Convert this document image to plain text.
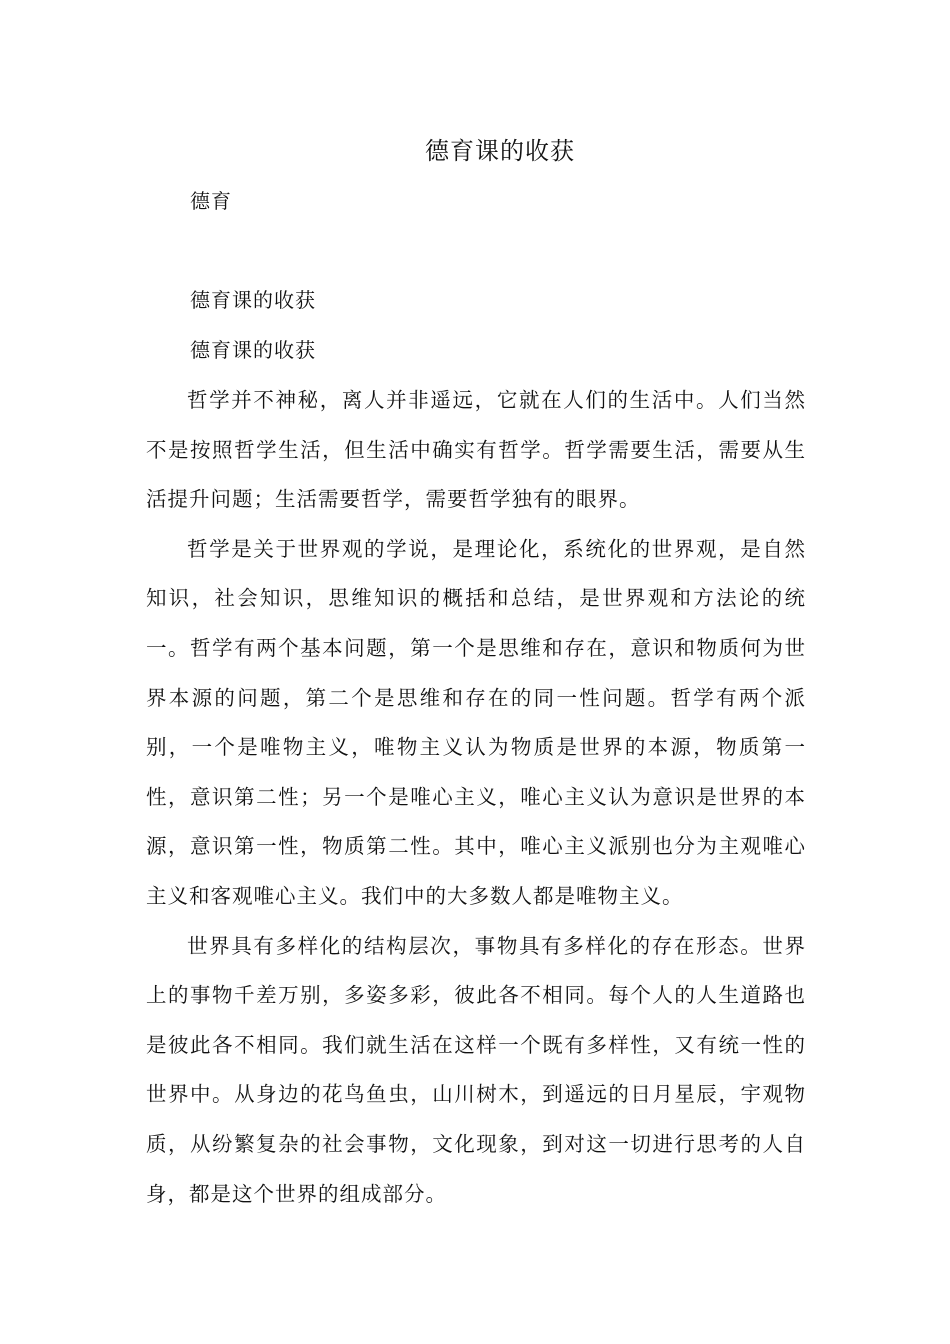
德育课的收获
德育
德育课的收获
德育课的收获

哲学并不神秘，离人并非遥远，它就在人们的生活中。人们当然不是按照哲学生活，但生活中确实有哲学。哲学需要生活，需要从生活提升问题；生活需要哲学，需要哲学独有的眼界。

哲学是关于世界观的学说，是理论化，系统化的世界观，是自然知识，社会知识，思维知识的概括和总结，是世界观和方法论的统一。哲学有两个基本问题，第一个是思维和存在，意识和物质何为世界本源的问题，第二个是思维和存在的同一性问题。哲学有两个派别，一个是唯物主义，唯物主义认为物质是世界的本源，物质第一性，意识第二性；另一个是唯心主义，唯心主义认为意识是世界的本源，意识第一性，物质第二性。其中，唯心主义派别也分为主观唯心主义和客观唯心主义。我们中的大多数人都是唯物主义。

世界具有多样化的结构层次，事物具有多样化的存在形态。世界上的事物千差万别，多姿多彩，彼此各不相同。每个人的人生道路也是彼此各不相同。我们就生活在这样一个既有多样性，又有统一性的世界中。从身边的花鸟鱼虫，山川树木，到遥远的日月星辰，宇观物质，从纷繁复杂的社会事物，文化现象，到对这一切进行思考的人自身，都是这个世界的组成部分。
